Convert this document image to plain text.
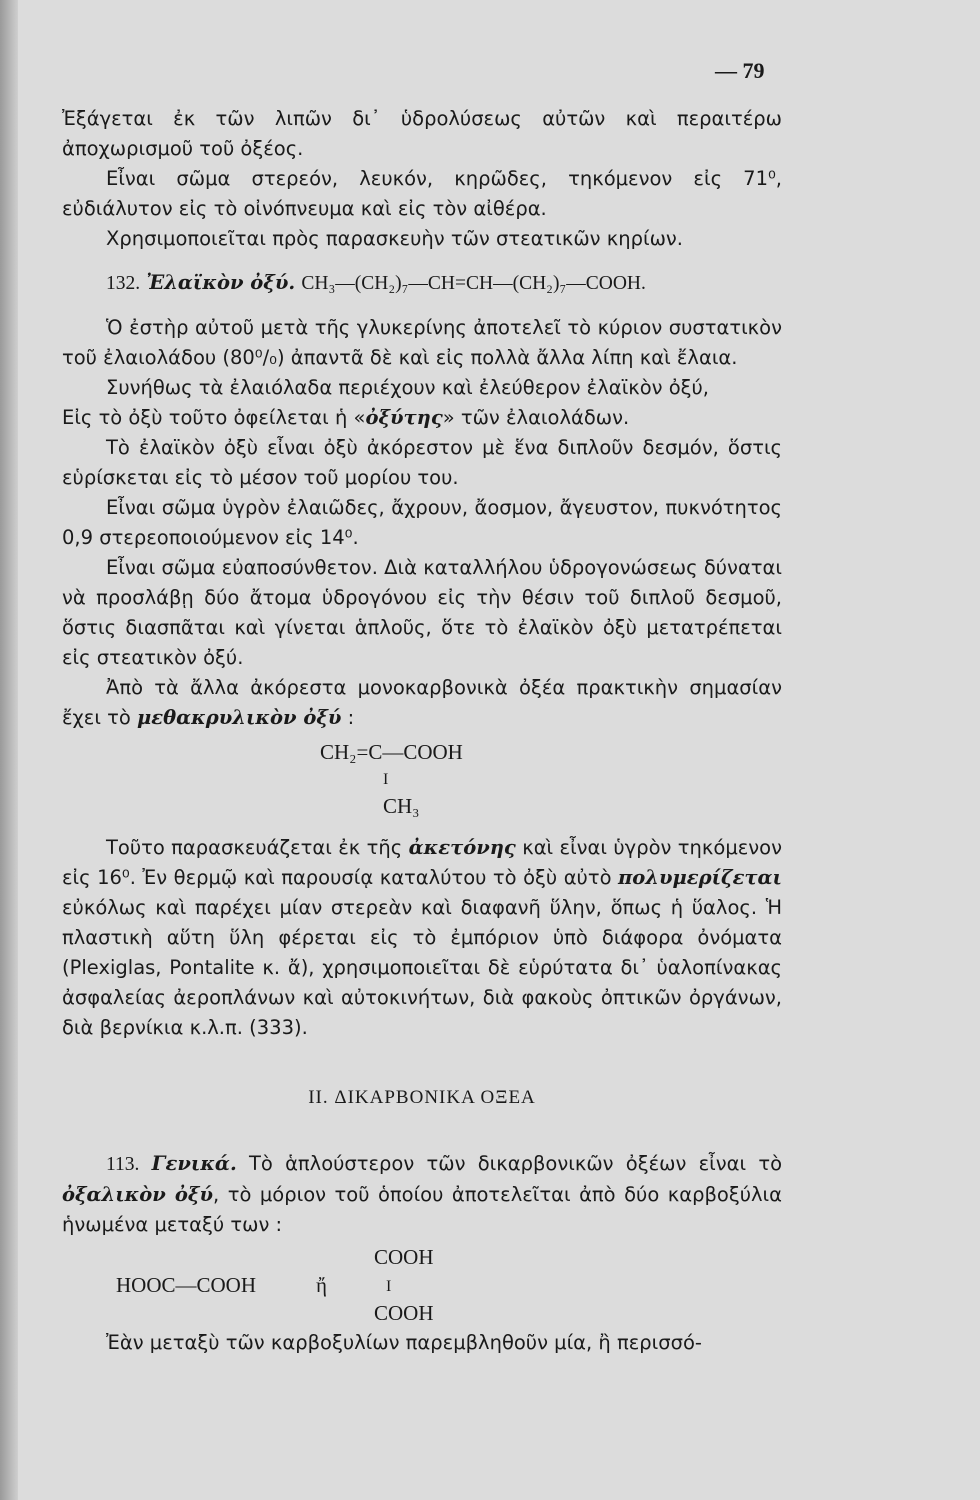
— 79

Ἐξάγεται ἐκ τῶν λιπῶν δι᾿ ὑδρολύσεως αὐτῶν καὶ περαιτέρω ἀποχωρισμοῦ τοῦ ὀξέος.

Εἶναι σῶμα στερεόν, λευκόν, κηρῶδες, τηκόμενον εἰς 71⁰, εὐδιάλυτον εἰς τὸ οἰνόπνευμα καὶ εἰς τὸν αἰθέρα.

Χρησιμοποιεῖται πρὸς παρασκευὴν τῶν στεατικῶν κηρίων.

132. Ἐλαϊκὸν ὀξύ. CH₃—(CH₂)₇—CH=CH—(CH₂)₇—COOH.

Ὁ ἐστὴρ αὐτοῦ μετὰ τῆς γλυκερίνης ἀποτελεῖ τὸ κύριον συστατικὸν τοῦ ἐλαιολάδου (80⁰/₀) ἀπαντᾶ δὲ καὶ εἰς πολλὰ ἄλλα λίπη καὶ ἔλαια.

Συνήθως τὰ ἐλαιόλαδα περιέχουν καὶ ἐλεύθερον ἐλαϊκὸν ὀξύ,

Εἰς τὸ ὀξὺ τοῦτο ὀφείλεται ἡ «ὀξύτης» τῶν ἐλαιολάδων.

Τὸ ἐλαϊκὸν ὀξὺ εἶναι ὀξὺ ἀκόρεστον μὲ ἕνα διπλοῦν δεσμόν, ὅστις εὑρίσκεται εἰς τὸ μέσον τοῦ μορίου του.

Εἶναι σῶμα ὑγρὸν ἐλαιῶδες, ἄχρουν, ἄοσμον, ἄγευστον, πυκνότητος 0,9 στερεοποιούμενον εἰς 14⁰.

Εἶναι σῶμα εὐαποσύνθετον. Διὰ καταλλήλου ὑδρογονώσεως δύναται νὰ προσλάβῃ δύο ἄτομα ὑδρογόνου εἰς τὴν θέσιν τοῦ διπλοῦ δεσμοῦ, ὅστις διασπᾶται καὶ γίνεται ἁπλοῦς, ὅτε τὸ ἐλαϊκὸν ὀξὺ μετατρέπεται εἰς στεατικὸν ὀξύ.

Ἀπὸ τὰ ἄλλα ἀκόρεστα μονοκαρβονικὰ ὀξέα πρακτικὴν σημασίαν ἔχει τὸ μεθακρυλικὸν ὀξύ :

CH₂=C—COOH
I
CH₃

Τοῦτο παρασκευάζεται ἐκ τῆς ἀκετόνης καὶ εἶναι ὑγρὸν τηκόμενον εἰς 16⁰. Ἐν θερμῷ καὶ παρουσίᾳ καταλύτου τὸ ὀξὺ αὐτὸ πολυμερίζεται εὐκόλως καὶ παρέχει μίαν στερεὰν καὶ διαφανῆ ὕλην, ὅπως ἡ ὕαλος. Ἡ πλαστικὴ αὕτη ὕλη φέρεται εἰς τὸ ἐμπόριον ὑπὸ διάφορα ὀνόματα (Plexiglas, Pontalite κ. ἄ), χρησιμοποιεῖται δὲ εὑρύτατα δι᾿ ὑαλοπίνακας ἀσφαλείας ἀεροπλάνων καὶ αὐτοκινήτων, διὰ φακοὺς ὀπτικῶν ὀργάνων, διὰ βερνίκια κ.λ.π. (333).

II. ΔΙΚΑΡΒΟΝΙΚΑ ΟΞΕΑ

113. Γενικά. Τὸ ἁπλούστερον τῶν δικαρβονικῶν ὀξέων εἶναι τὸ ὀξαλικὸν ὀξύ, τὸ μόριον τοῦ ὁποίου ἀποτελεῖται ἀπὸ δύο καρβοξύλια ἡνωμένα μεταξύ των :

HOOC—COOH	ἤ
COOH
I
COOH

Ἐὰν μεταξὺ τῶν καρβοξυλίων παρεμβληθοῦν μία, ἢ περισσό-
